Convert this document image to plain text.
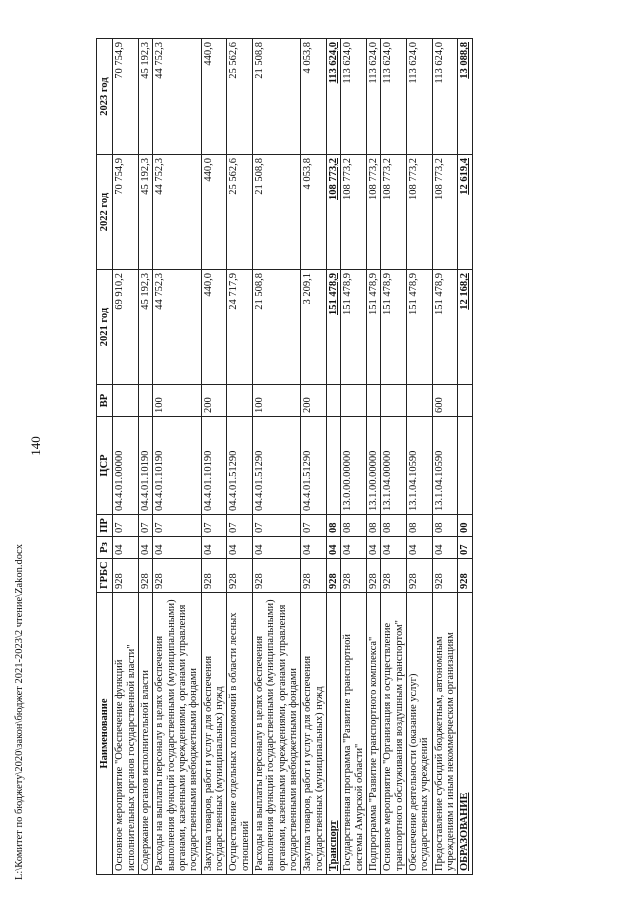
140
Наименование	ГРБС	Рз	ПР	ЦСР	ВР	2021 год	2022 год	2023 год
Основное мероприятие "Обеспечение функций исполнительных органов государственной власти"	928	04	07	04.4.01.00000		69 910,2	70 754,9	70 754,9
Содержание органов исполнительной власти	928	04	07	04.4.01.10190		45 192,3	45 192,3	45 192,3
Расходы на выплаты персоналу в целях обеспечения выполнения функций государственными (муниципальными) органами, казенными учреждениями, органами управления государственными внебюджетными фондами	928	04	07	04.4.01.10190	100	44 752,3	44 752,3	44 752,3
Закупка товаров, работ и услуг для обеспечения государственных (муниципальных) нужд	928	04	07	04.4.01.10190	200	440,0	440,0	440,0
Осуществление отдельных полномочий в области лесных отношений	928	04	07	04.4.01.51290		24 717,9	25 562,6	25 562,6
Расходы на выплаты персоналу в целях обеспечения выполнения функций государственными (муниципальными) органами, казенными учреждениями, органами управления государственными внебюджетными фондами	928	04	07	04.4.01.51290	100	21 508,8	21 508,8	21 508,8
Закупка товаров, работ и услуг для обеспечения государственных (муниципальных) нужд	928	04	07	04.4.01.51290	200	3 209,1	4 053,8	4 053,8
Транспорт	928	04	08			151 478,9	108 773,2	113 624,0
Государственная программа "Развитие транспортной системы Амурской области"	928	04	08	13.0.00.00000		151 478,9	108 773,2	113 624,0
Подпрограмма "Развитие транспортного комплекса"	928	04	08	13.1.00.00000		151 478,9	108 773,2	113 624,0
Основное мероприятие "Организация и осуществление транспортного обслуживания воздушным транспортом"	928	04	08	13.1.04.00000		151 478,9	108 773,2	113 624,0
Обеспечение деятельности (оказание услуг) государственных учреждений	928	04	08	13.1.04.10590		151 478,9	108 773,2	113 624,0
Предоставление субсидий бюджетным, автономным учреждениям и иным некоммерческим организациям	928	04	08	13.1.04.10590	600	151 478,9	108 773,2	113 624,0
ОБРАЗОВАНИЕ	928	07	00			12 168,2	12 619,4	13 088,8
L:\Комитет по бюджету\2020\закон\бюджет 2021-2023\2 чтение\Zakon.docx
